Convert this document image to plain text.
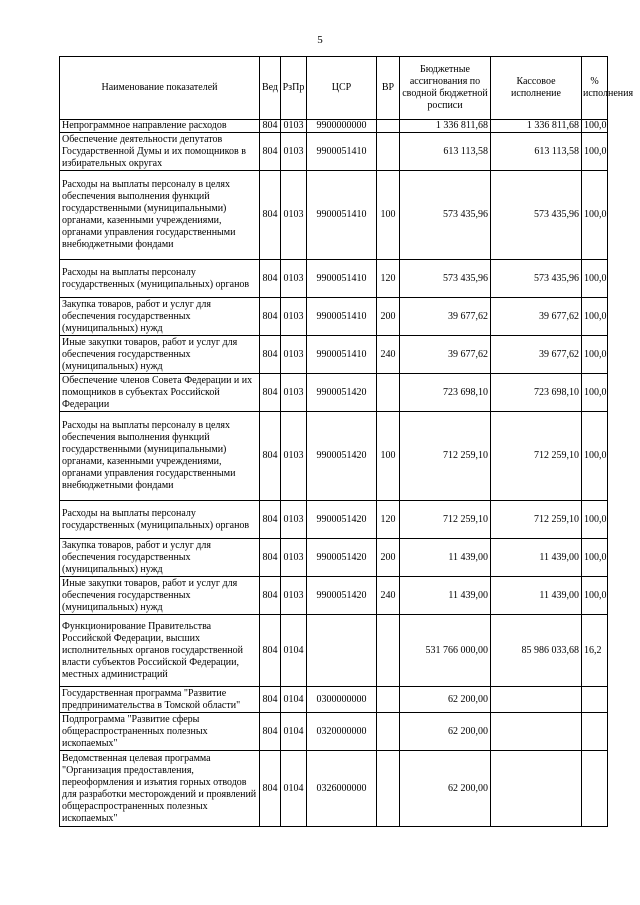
5
Наименование показателей	Вед	РзПр	ЦСР	ВР	Бюджетные ассигнования по сводной бюджетной росписи	Кассовое исполнение	% исполнения
Непрограммное направление расходов	804	0103	9900000000		1 336 811,68	1 336 811,68	100,0
Обеспечение деятельности депутатов Государственной Думы и их помощников в избирательных округах	804	0103	9900051410		613 113,58	613 113,58	100,0
Расходы на выплаты персоналу в целях обеспечения выполнения функций государственными (муниципальными) органами, казенными учреждениями, органами управления государственными внебюджетными фондами	804	0103	9900051410	100	573 435,96	573 435,96	100,0
Расходы на выплаты персоналу государственных (муниципальных) органов	804	0103	9900051410	120	573 435,96	573 435,96	100,0
Закупка товаров, работ и услуг для обеспечения государственных (муниципальных) нужд	804	0103	9900051410	200	39 677,62	39 677,62	100,0
Иные закупки товаров, работ и услуг для обеспечения государственных (муниципальных) нужд	804	0103	9900051410	240	39 677,62	39 677,62	100,0
Обеспечение членов Совета Федерации и их помощников в субъектах Российской Федерации	804	0103	9900051420		723 698,10	723 698,10	100,0
Расходы на выплаты персоналу в целях обеспечения выполнения функций государственными (муниципальными) органами, казенными учреждениями, органами управления государственными внебюджетными фондами	804	0103	9900051420	100	712 259,10	712 259,10	100,0
Расходы на выплаты персоналу государственных (муниципальных) органов	804	0103	9900051420	120	712 259,10	712 259,10	100,0
Закупка товаров, работ и услуг для обеспечения государственных (муниципальных) нужд	804	0103	9900051420	200	11 439,00	11 439,00	100,0
Иные закупки товаров, работ и услуг для обеспечения государственных (муниципальных) нужд	804	0103	9900051420	240	11 439,00	11 439,00	100,0
Функционирование Правительства Российской Федерации, высших исполнительных органов государственной власти субъектов Российской Федерации, местных администраций	804	0104			531 766 000,00	85 986 033,68	16,2
Государственная программа "Развитие предпринимательства в Томской области"	804	0104	0300000000		62 200,00		
Подпрограмма "Развитие сферы общераспространенных полезных ископаемых"	804	0104	0320000000		62 200,00		
Ведомственная целевая программа "Организация предоставления, переоформления и изъятия горных отводов для разработки месторождений и проявлений общераспространенных полезных ископаемых"	804	0104	0326000000		62 200,00		
